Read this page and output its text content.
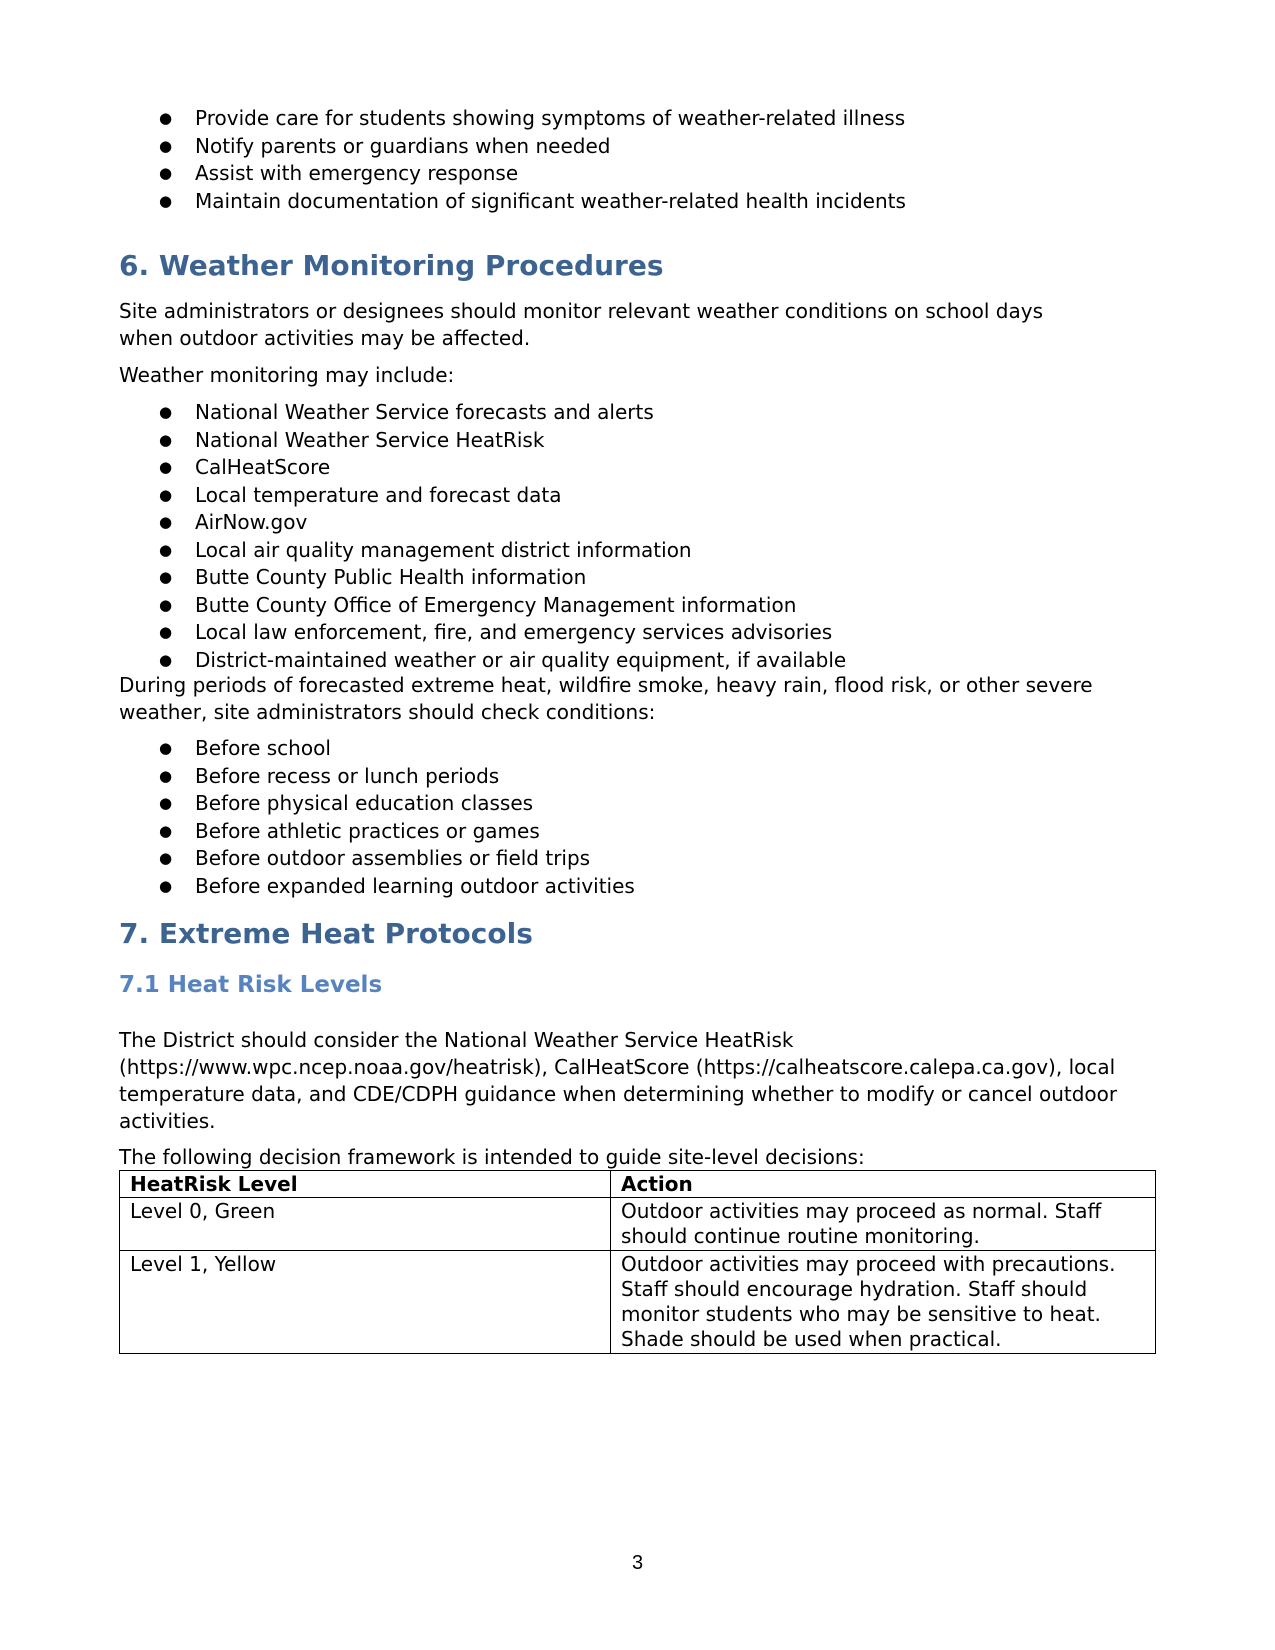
● Provide care for students showing symptoms of weather-related illness
● Notify parents or guardians when needed
● Assist with emergency response
● Maintain documentation of significant weather-related health incidents
6. Weather Monitoring Procedures

Site administrators or designees should monitor relevant weather conditions on school days when outdoor activities may be affected.

Weather monitoring may include:

● National Weather Service forecasts and alerts
● National Weather Service HeatRisk
● CalHeatScore
● Local temperature and forecast data
● AirNow.gov
● Local air quality management district information
● Butte County Public Health information
● Butte County Office of Emergency Management information
● Local law enforcement, fire, and emergency services advisories
● District-maintained weather or air quality equipment, if available

During periods of forecasted extreme heat, wildfire smoke, heavy rain, flood risk, or other severe weather, site administrators should check conditions:

● Before school
● Before recess or lunch periods
● Before physical education classes
● Before athletic practices or games
● Before outdoor assemblies or field trips
● Before expanded learning outdoor activities
7. Extreme Heat Protocols
7.1 Heat Risk Levels

The District should consider the National Weather Service HeatRisk (https://www.wpc.ncep.noaa.gov/heatrisk), CalHeatScore (https://calheatscore.calepa.ca.gov), local temperature data, and CDE/CDPH guidance when determining whether to modify or cancel outdoor activities.

The following decision framework is intended to guide site-level decisions:

HeatRisk Level	Action
Level 0, Green	Outdoor activities may proceed as normal. Staff should continue routine monitoring.
Level 1, Yellow	Outdoor activities may proceed with precautions. Staff should encourage hydration. Staff should monitor students who may be sensitive to heat. Shade should be used when practical.
3
